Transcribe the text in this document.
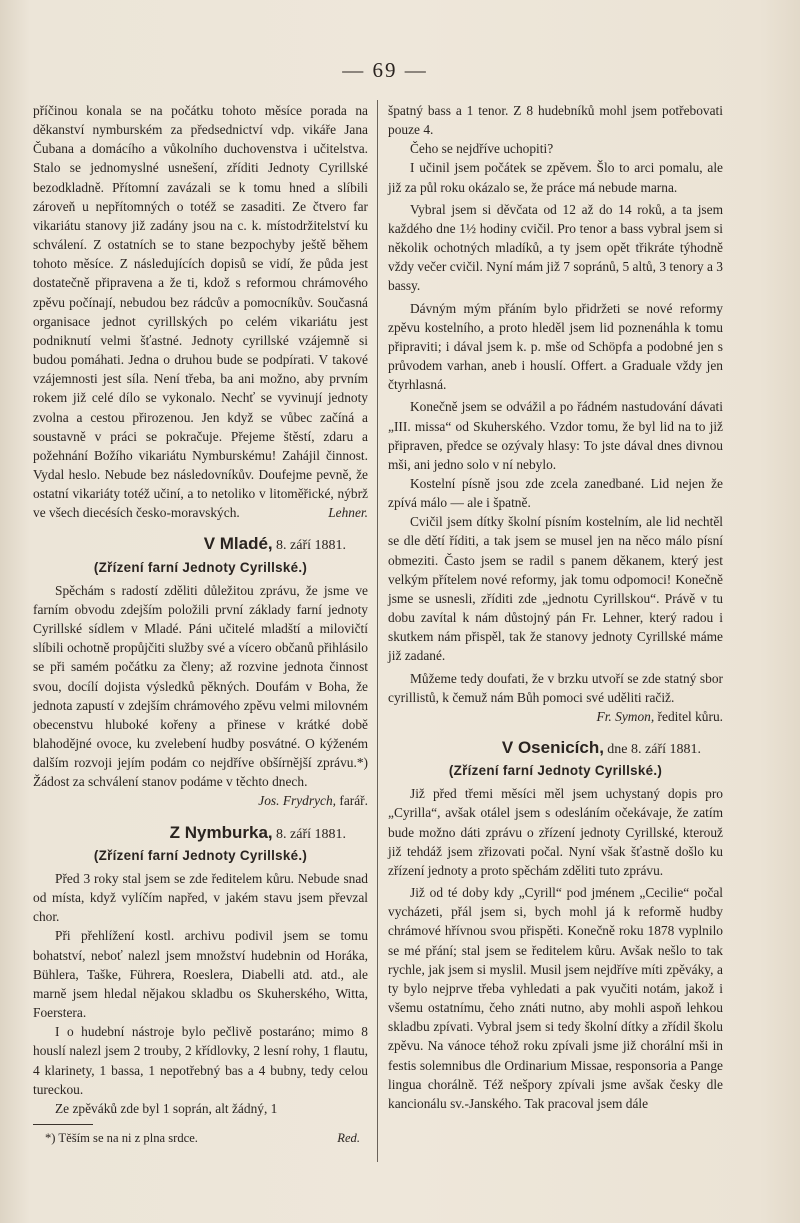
— 69 —

příčinou konala se na počátku tohoto měsíce porada na děkanství nymburském za předsednictví vdp. vikáře Jana Čubana a domácího a vůkolního duchovenstva i učitelstva. Stalo se jednomyslné usnešení, zříditi Jednoty Cyrillské bezodkladně. Přítomní zavázali se k tomu hned a slíbili zároveň u nepřítomných o totéž se zasaditi. Ze čtvero far vikariátu stanovy již zadány jsou na c. k. místodržitelství ku schválení. Z ostatních se to stane bezpochyby ještě během tohoto měsíce. Z následujících dopisů se vidí, že půda jest dostatečně připravena a že ti, kdož s reformou chrámového zpěvu počínají, nebudou bez rádcův a pomocníkův. Současná organisace jednot cyrillských po celém vikariátu jest podniknutí velmi šťastné. Jednoty cyrillské vzájemně si budou pomáhati. Jedna o druhou bude se podpírati. V takové vzájemnosti jest síla. Není třeba, ba ani možno, aby prvním rokem již celé dílo se vykonalo. Nechť se vyvinují jednoty zvolna a cestou přirozenou. Jen když se vůbec začíná a soustavně v práci se pokračuje. Přejeme štěstí, zdaru a požehnání Božího vikariátu Nymburskému! Zahájil činnost. Vydal heslo. Nebude bez následovníkův. Doufejme pevně, že ostatní vikariáty totéž učiní, a to netoliko v litoměřické, nýbrž ve všech diecésích česko-moravských.	Lehner.

V Mladé, 8. září 1881.
(Zřízení farní Jednoty Cyrillské.)

Spěchám s radostí zděliti důležitou zprávu, že jsme ve farním obvodu zdejším položili první základy farní jednoty Cyrillské sídlem v Mladé. Páni učitelé mladští a milovičtí slíbili ochotně propůjčiti služby své a vícero občanů přihlásilo se při samém počátku za členy; až rozvine jednota činnost svou, docílí dojista výsledků pěkných. Doufám v Boha, že jednota zapustí v zdejším chrámového zpěvu velmi milovném obecenstvu hluboké kořeny a přinese v krátké době blahodějné ovoce, ku zvelebení hudby posvátné. O kýženém dalším rozvoji jejím podám co nejdříve obšírnější zprávu.*) Žádost za schválení stanov podáme v těchto dnech.

Jos. Frydrych, farář.

Z Nymburka, 8. září 1881.
(Zřízení farní Jednoty Cyrillské.)

Před 3 roky stal jsem se zde ředitelem kůru. Nebude snad od místa, když vylíčím napřed, v jakém stavu jsem převzal chor.

Při přehlížení kostl. archivu podivil jsem se tomu bohatství, neboť nalezl jsem množství hudebnin od Horáka, Bühlera, Taške, Führera, Roeslera, Diabelli atd. atd., ale marně jsem hledal nějakou skladbu os Skuherského, Witta, Foerstera.

I o hudební nástroje bylo pečlivě postaráno; mimo 8 houslí nalezl jsem 2 trouby, 2 křídlovky, 2 lesní rohy, 1 flautu, 4 klarinety, 1 bassa, 1 nepotřebný bas a 4 bubny, tedy celou tureckou.

Ze zpěváků zde byl 1 soprán, alt žádný, 1

*) Těším se na ni z plna srdce.	Red.

špatný bass a 1 tenor. Z 8 hudebníků mohl jsem potřebovati pouze 4.

Čeho se nejdříve uchopiti?

I učinil jsem počátek se zpěvem. Šlo to arci pomalu, ale již za půl roku okázalo se, že práce má nebude marna.

Vybral jsem si děvčata od 12 až do 14 roků, a ta jsem každého dne 1½ hodiny cvičil. Pro tenor a bass vybral jsem si několik ochotných mladíků, a ty jsem opět třikráte týhodně vždy večer cvičil. Nyní mám již 7 sopránů, 5 altů, 3 tenory a 3 bassy.

Dávným mým přáním bylo přidržeti se nové reformy zpěvu kostelního, a proto hleděl jsem lid poznenáhla k tomu připraviti; i dával jsem k. p. mše od Schöpfa a podobné jen s průvodem varhan, aneb i houslí. Offert. a Graduale vždy jen čtyrhlasná.

Konečně jsem se odvážil a po řádném nastudování dávati „III. missa“ od Skuherského. Vzdor tomu, že byl lid na to již připraven, předce se ozývaly hlasy: To jste dával dnes divnou mši, ani jedno solo v ní nebylo.

Kostelní písně jsou zde zcela zanedbané. Lid nejen že zpívá málo — ale i špatně.

Cvičil jsem dítky školní písním kostelním, ale lid nechtěl se dle dětí říditi, a tak jsem se musel jen na něco málo písní obmeziti. Často jsem se radil s panem děkanem, který jest velkým přítelem nové reformy, jak tomu odpomoci! Konečně jsme se usnesli, zříditi zde „jednotu Cyrillskou“. Právě v tu dobu zavítal k nám důstojný pán Fr. Lehner, který radou i skutkem nám přispěl, tak že stanovy jednoty Cyrillské máme již zadané.

Můžeme tedy doufati, že v brzku utvoří se zde statný sbor cyrillistů, k čemuž nám Bůh pomoci své uděliti račiž.

Fr. Symon, ředitel kůru.

V Osenicích, dne 8. září 1881.
(Zřízení farní Jednoty Cyrillské.)

Již před třemi měsíci měl jsem uchystaný dopis pro „Cyrilla“, avšak otálel jsem s odesláním očekávaje, že zatím bude možno dáti zprávu o zřízení jednoty Cyrillské, kterouž již tehdáž jsem zřizovati počal. Nyní však šťastně došlo ku zřízení jednoty a proto spěchám zděliti tuto zprávu.

Již od té doby kdy „Cyrill“ pod jménem „Cecilie“ počal vycházeti, přál jsem si, bych mohl já k reformě hudby chrámové hřívnou svou přispěti. Konečně roku 1878 vyplnilo se mé přání; stal jsem se ředitelem kůru. Avšak nešlo to tak rychle, jak jsem si myslil. Musil jsem nejdříve míti zpěváky, a ty bylo nejprve třeba vyhledati a pak vyučiti notám, jakož i všemu ostatnímu, čeho znáti nutno, aby mohli aspoň lehkou skladbu zpívati. Vybral jsem si tedy školní dítky a zřídil školu zpěvu. Na vánoce téhož roku zpívali jsme již chorální mši in festis solemnibus dle Ordinarium Missae, responsoria a Pange lingua chorálně. Též nešpory zpívali jsme avšak česky dle kancionálu sv.-Janského. Tak pracoval jsem dále
